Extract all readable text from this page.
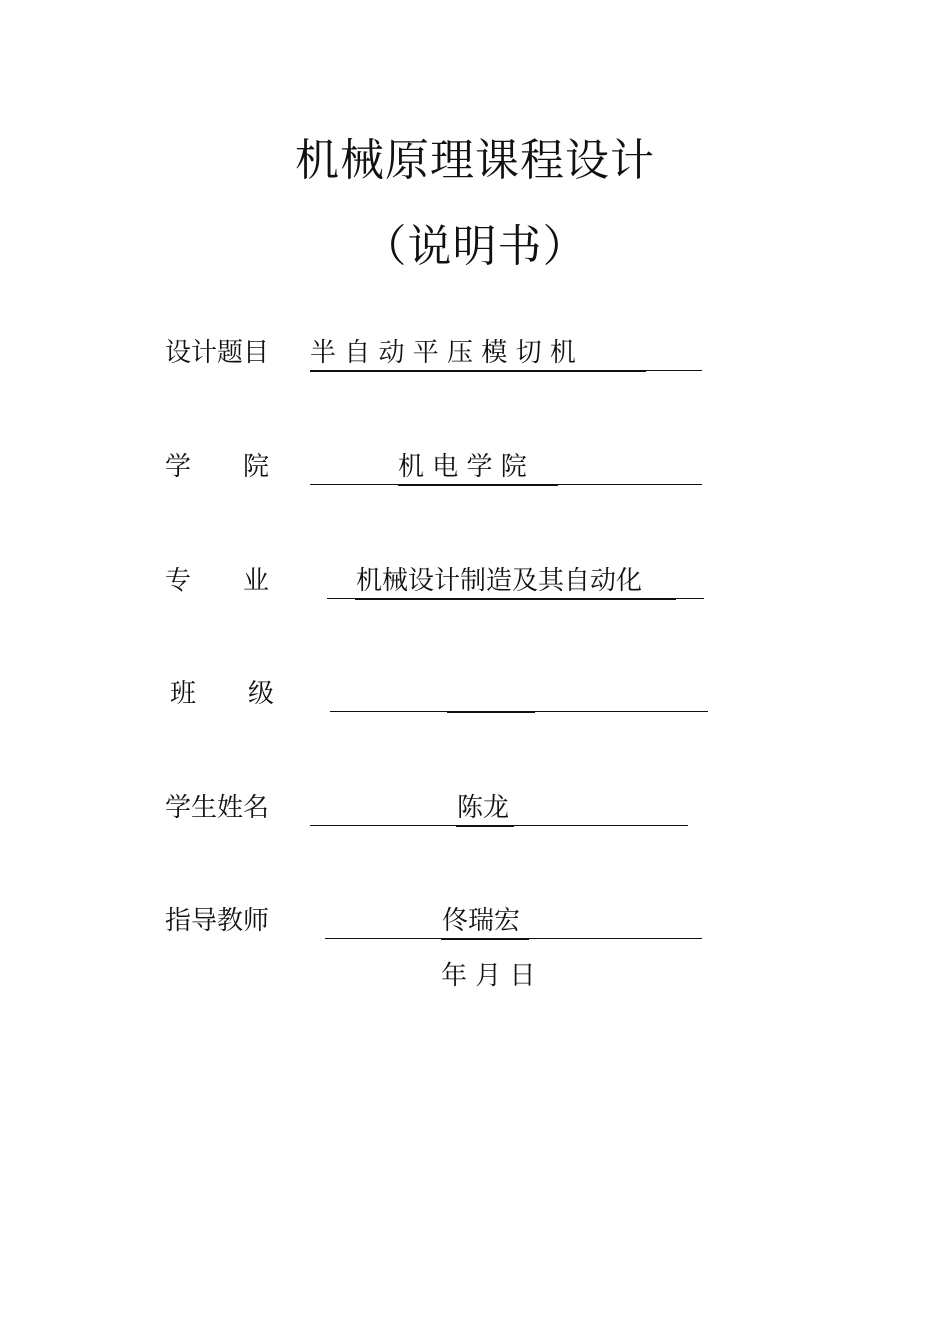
机械原理课程设计
（说明书）
设计题目 半 自 动 平 压 模 切 机
学　　院	机 电 学 院
专　　业	机械设计制造及其自动化
班　　级
学生姓名	陈龙
指导教师	佟瑞宏
年 月 日
